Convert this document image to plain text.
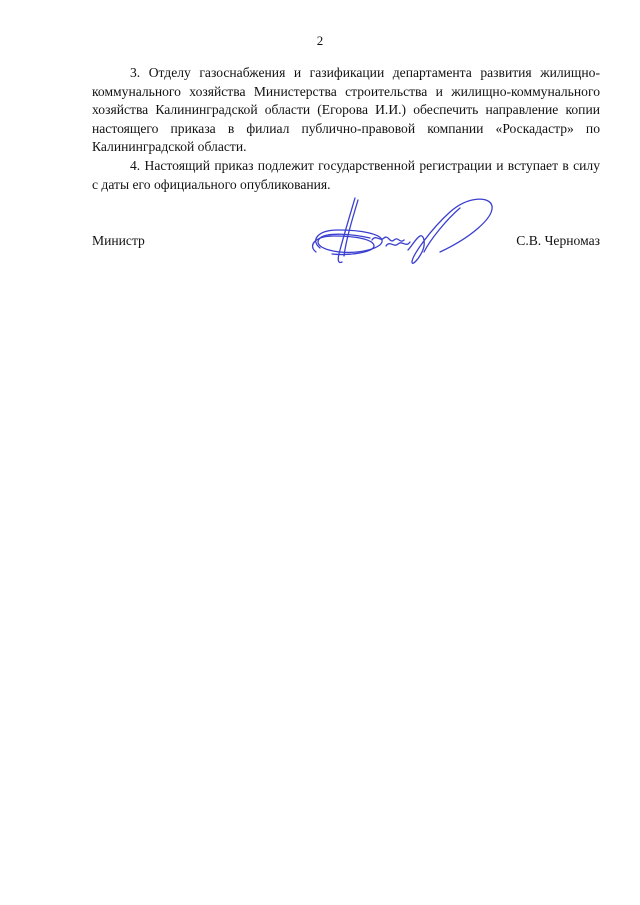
2

3. Отделу газоснабжения и газификации департамента развития жилищно-коммунального хозяйства Министерства строительства и жилищно-коммунального хозяйства Калининградской области (Егорова И.И.) обеспечить направление копии настоящего приказа в филиал публично-правовой компании «Роскадастр» по Калининградской области.

4. Настоящий приказ подлежит государственной регистрации и вступает в силу с даты его официального опубликования.

Министр	С.В. Черномаз
